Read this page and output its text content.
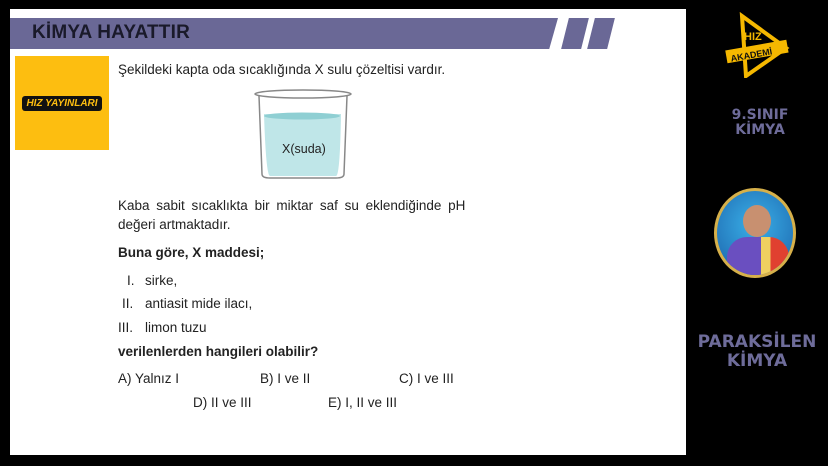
KİMYA HAYATTIR
HIZ YAYINLARI
Şekildeki kapta oda sıcaklığında X sulu çözeltisi vardır.
X(suda)
Kaba sabit sıcaklıkta bir miktar saf su eklendiğinde pH
değeri artmaktadır.
Buna göre, X maddesi;
I. sirke,
II. antiasit mide ilacı,
III. limon tuzu
verilenlerden hangileri olabilir?
A) Yalnız I	B) I ve II	C) I ve III
D) II ve III	E) I, II ve III
HIZ
AKADEMİ
9.SINIF
KİMYA
PARAKSİLEN
KİMYA
